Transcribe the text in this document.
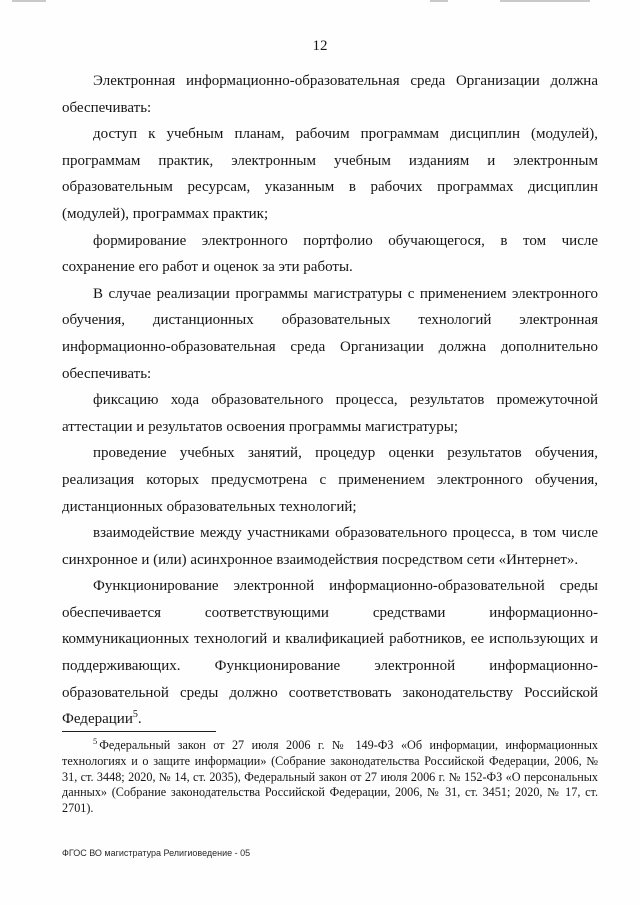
12

Электронная информационно-образовательная среда Организации должна обеспечивать:

доступ к учебным планам, рабочим программам дисциплин (модулей), программам практик, электронным учебным изданиям и электронным образовательным ресурсам, указанным в рабочих программах дисциплин (модулей), программах практик;

формирование электронного портфолио обучающегося, в том числе сохранение его работ и оценок за эти работы.

В случае реализации программы магистратуры с применением электронного обучения, дистанционных образовательных технологий электронная информационно-образовательная среда Организации должна дополнительно обеспечивать:

фиксацию хода образовательного процесса, результатов промежуточной аттестации и результатов освоения программы магистратуры;

проведение учебных занятий, процедур оценки результатов обучения, реализация которых предусмотрена с применением электронного обучения, дистанционных образовательных технологий;

взаимодействие между участниками образовательного процесса, в том числе синхронное и (или) асинхронное взаимодействия посредством сети «Интернет».

Функционирование электронной информационно-образовательной среды обеспечивается соответствующими средствами информационно-коммуникационных технологий и квалификацией работников, ее использующих и поддерживающих. Функционирование электронной информационно-образовательной среды должно соответствовать законодательству Российской Федерации$^5$.

$^5$ Федеральный закон от 27 июля 2006 г. № 149-ФЗ «Об информации, информационных технологиях и о защите информации» (Собрание законодательства Российской Федерации, 2006, № 31, ст. 3448; 2020, № 14, ст. 2035), Федеральный закон от 27 июля 2006 г. № 152-ФЗ «О персональных данных» (Собрание законодательства Российской Федерации, 2006, № 31, ст. 3451; 2020, № 17, ст. 2701).

ФГОС ВО магистратура Религиоведение - 05
